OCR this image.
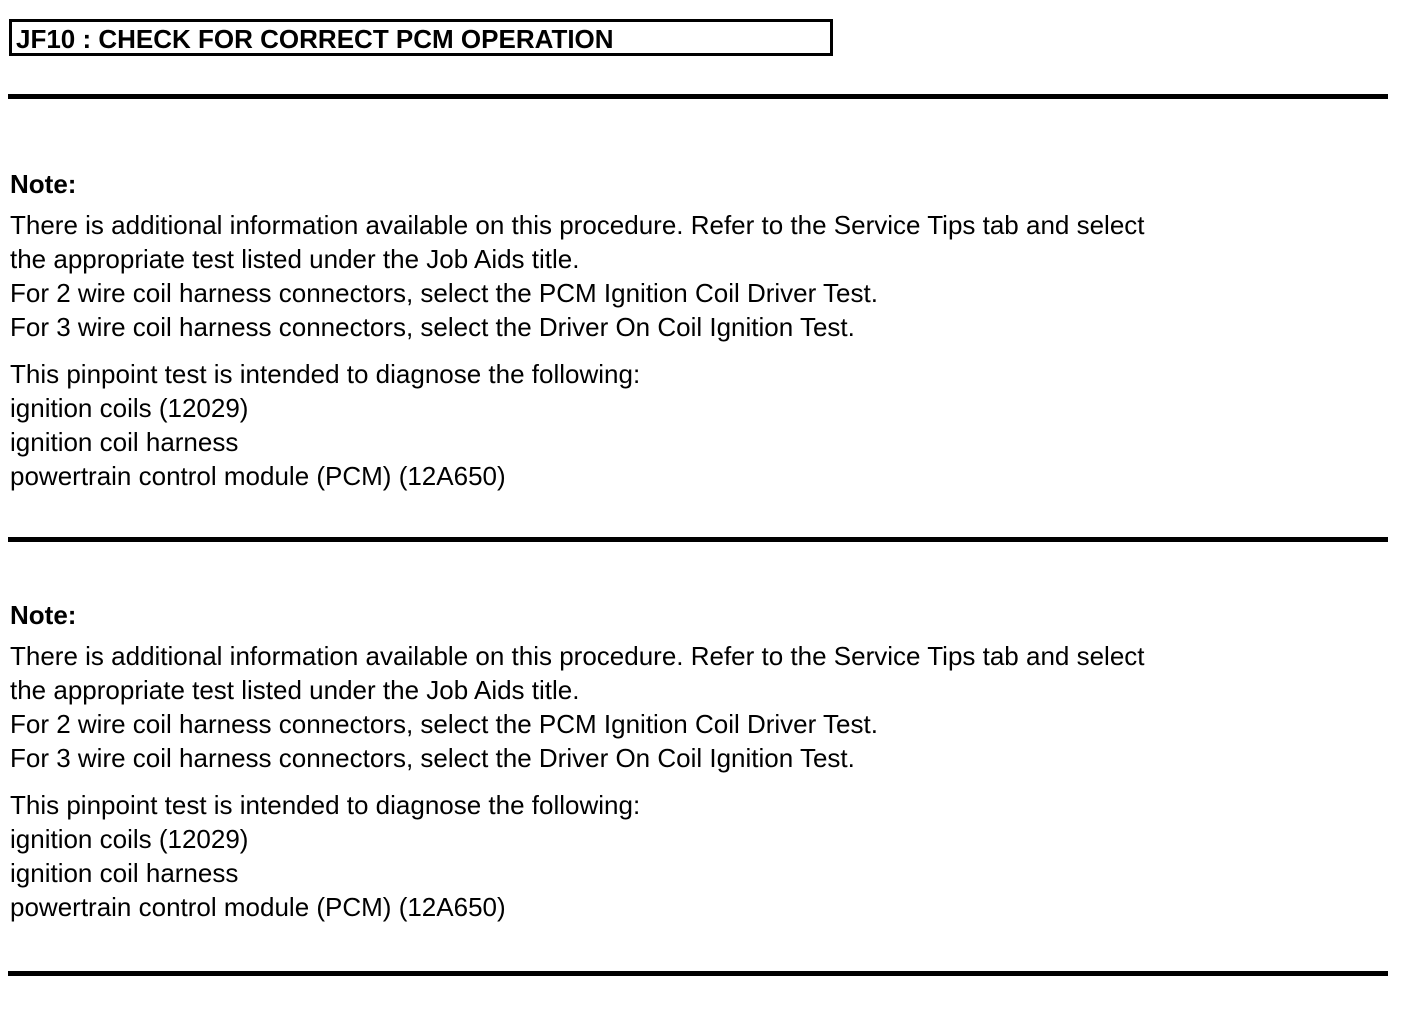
JF10 : CHECK FOR CORRECT PCM OPERATION

Note:

There is additional information available on this procedure. Refer to the Service Tips tab and select
the appropriate test listed under the Job Aids title.
For 2 wire coil harness connectors, select the PCM Ignition Coil Driver Test.
For 3 wire coil harness connectors, select the Driver On Coil Ignition Test.
This pinpoint test is intended to diagnose the following:
ignition coils (12029)
ignition coil harness
powertrain control module (PCM) (12A650)

Note:

There is additional information available on this procedure. Refer to the Service Tips tab and select
the appropriate test listed under the Job Aids title.
For 2 wire coil harness connectors, select the PCM Ignition Coil Driver Test.
For 3 wire coil harness connectors, select the Driver On Coil Ignition Test.
This pinpoint test is intended to diagnose the following:
ignition coils (12029)
ignition coil harness
powertrain control module (PCM) (12A650)
